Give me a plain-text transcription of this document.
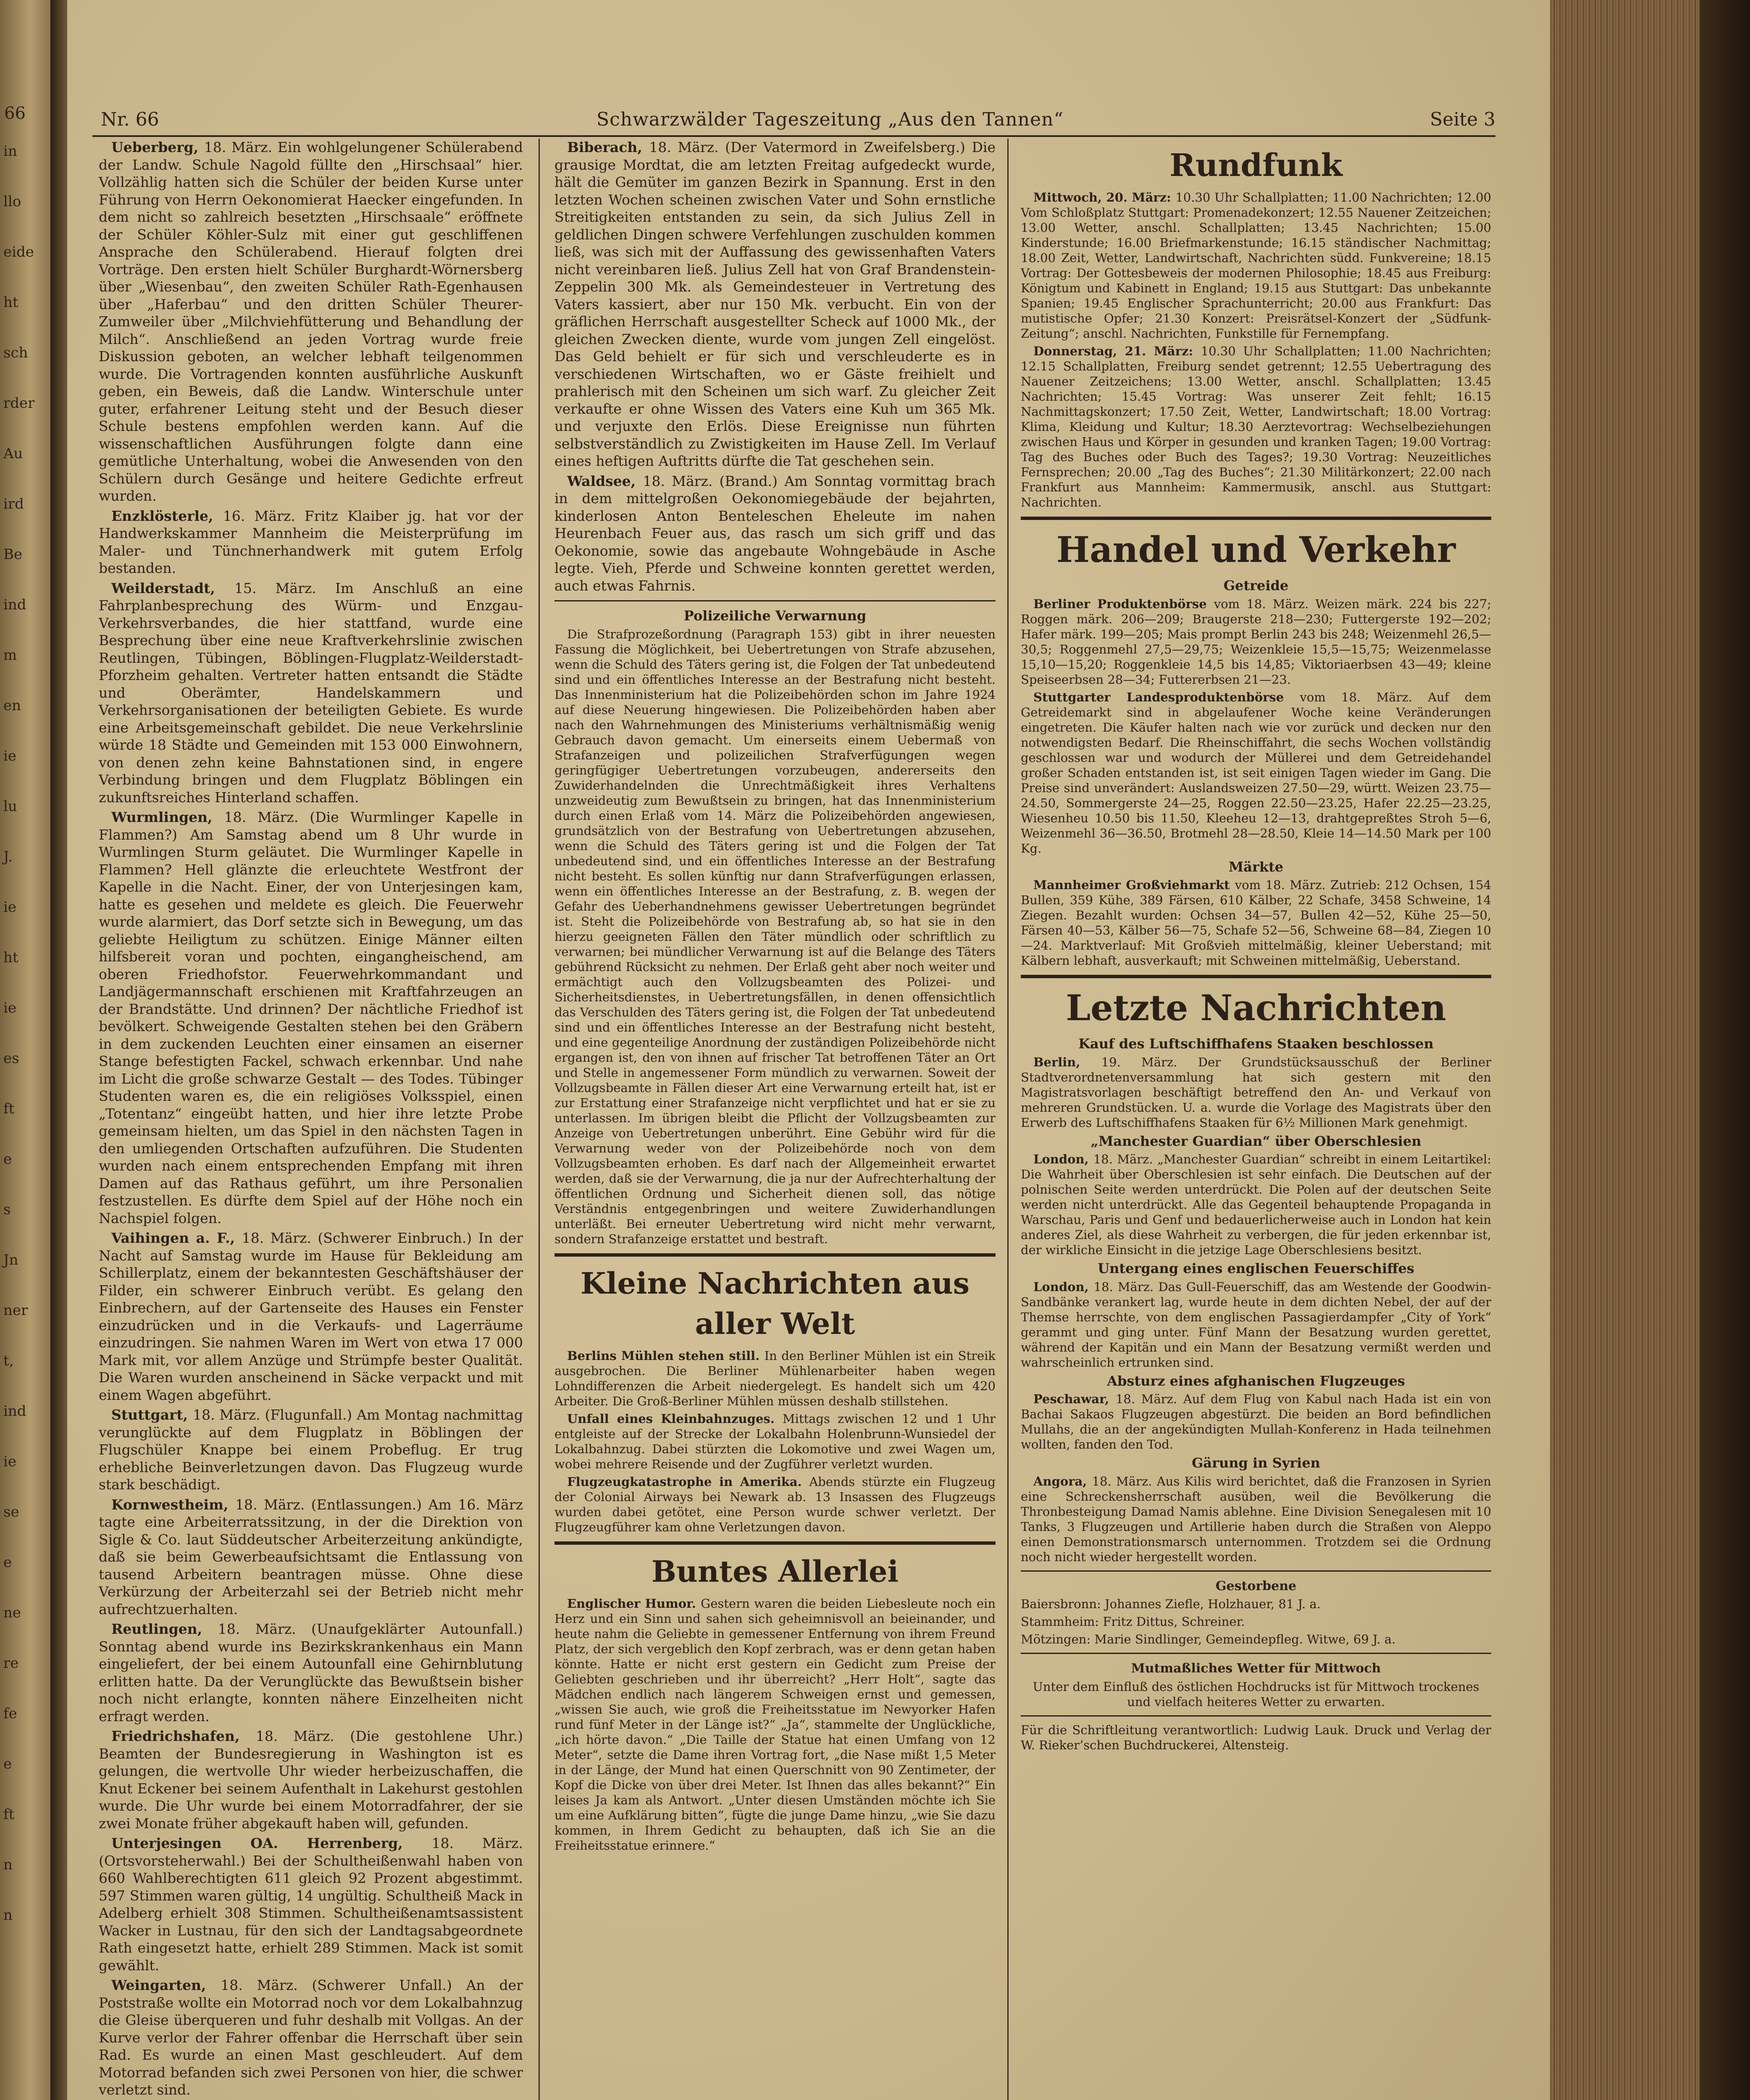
66
in
llo
eide
ht
sch
rder
Au
ird
Be
ind
m
en
ie
lu
J.
ie
ht
ie
es
ft
e
s
Jn
ner
t,
ind
ie
se
e
ne
re
fe
e
ft
n
n
Nr. 66	Schwarzwälder Tageszeitung „Aus den Tannen“	Seite 3

Ueberberg, 18. März. Ein wohlgelungener Schülerabend der Landw. Schule Nagold füllte den „Hirschsaal“ hier. Vollzählig hatten sich die Schüler der beiden Kurse unter Führung von Herrn Oekonomierat Haecker eingefunden. In dem nicht so zahlreich besetzten „Hirschsaale“ eröffnete der Schüler Köhler-Sulz mit einer gut geschliffenen Ansprache den Schülerabend. Hierauf folgten drei Vorträge. Den ersten hielt Schüler Burghardt-Wörnersberg über „Wiesenbau“, den zweiten Schüler Rath-Egenhausen über „Haferbau“ und den dritten Schüler Theurer-Zumweiler über „Milchviehfütterung und Behandlung der Milch“. Anschließend an jeden Vortrag wurde freie Diskussion geboten, an welcher lebhaft teilgenommen wurde. Die Vortragenden konnten ausführliche Auskunft geben, ein Beweis, daß die Landw. Winterschule unter guter, erfahrener Leitung steht und der Besuch dieser Schule bestens empfohlen werden kann. Auf die wissenschaftlichen Ausführungen folgte dann eine gemütliche Unterhaltung, wobei die Anwesenden von den Schülern durch Gesänge und heitere Gedichte erfreut wurden.

Enzklösterle, 16. März. Fritz Klaiber jg. hat vor der Handwerkskammer Mannheim die Meisterprüfung im Maler- und Tünchnerhandwerk mit gutem Erfolg bestanden.

Weilderstadt, 15. März. Im Anschluß an eine Fahrplanbesprechung des Würm- und Enzgau-Verkehrsverbandes, die hier stattfand, wurde eine Besprechung über eine neue Kraftverkehrslinie zwischen Reutlingen, Tübingen, Böblingen-Flugplatz-Weilderstadt-Pforzheim gehalten. Vertreter hatten entsandt die Städte und Oberämter, Handelskammern und Verkehrsorganisationen der beteiligten Gebiete. Es wurde eine Arbeitsgemeinschaft gebildet. Die neue Verkehrslinie würde 18 Städte und Gemeinden mit 153 000 Einwohnern, von denen zehn keine Bahnstationen sind, in engere Verbindung bringen und dem Flugplatz Böblingen ein zukunftsreiches Hinterland schaffen.

Wurmlingen, 18. März. (Die Wurmlinger Kapelle in Flammen?) Am Samstag abend um 8 Uhr wurde in Wurmlingen Sturm geläutet. Die Wurmlinger Kapelle in Flammen? Hell glänzte die erleuchtete Westfront der Kapelle in die Nacht. Einer, der von Unterjesingen kam, hatte es gesehen und meldete es gleich. Die Feuerwehr wurde alarmiert, das Dorf setzte sich in Bewegung, um das geliebte Heiligtum zu schützen. Einige Männer eilten hilfsbereit voran und pochten, eingangheischend, am oberen Friedhofstor. Feuerwehrkommandant und Landjägermannschaft erschienen mit Kraftfahrzeugen an der Brandstätte. Und drinnen? Der nächtliche Friedhof ist bevölkert. Schweigende Gestalten stehen bei den Gräbern in dem zuckenden Leuchten einer einsamen an eiserner Stange befestigten Fackel, schwach erkennbar. Und nahe im Licht die große schwarze Gestalt — des Todes. Tübinger Studenten waren es, die ein religiöses Volksspiel, einen „Totentanz“ eingeübt hatten, und hier ihre letzte Probe gemeinsam hielten, um das Spiel in den nächsten Tagen in den umliegenden Ortschaften aufzuführen. Die Studenten wurden nach einem entsprechenden Empfang mit ihren Damen auf das Rathaus geführt, um ihre Personalien festzustellen. Es dürfte dem Spiel auf der Höhe noch ein Nachspiel folgen.

Vaihingen a. F., 18. März. (Schwerer Einbruch.) In der Nacht auf Samstag wurde im Hause für Bekleidung am Schillerplatz, einem der bekanntesten Geschäftshäuser der Filder, ein schwerer Einbruch verübt. Es gelang den Einbrechern, auf der Gartenseite des Hauses ein Fenster einzudrücken und in die Verkaufs- und Lagerräume einzudringen. Sie nahmen Waren im Wert von etwa 17 000 Mark mit, vor allem Anzüge und Strümpfe bester Qualität. Die Waren wurden anscheinend in Säcke verpackt und mit einem Wagen abgeführt.

Stuttgart, 18. März. (Flugunfall.) Am Montag nachmittag verunglückte auf dem Flugplatz in Böblingen der Flugschüler Knappe bei einem Probeflug. Er trug erhebliche Beinverletzungen davon. Das Flugzeug wurde stark beschädigt.

Kornwestheim, 18. März. (Entlassungen.) Am 16. März tagte eine Arbeiterratssitzung, in der die Direktion von Sigle & Co. laut Süddeutscher Arbeiterzeitung ankündigte, daß sie beim Gewerbeaufsichtsamt die Entlassung von tausend Arbeitern beantragen müsse. Ohne diese Verkürzung der Arbeiterzahl sei der Betrieb nicht mehr aufrechtzuerhalten.

Reutlingen, 18. März. (Unaufgeklärter Autounfall.) Sonntag abend wurde ins Bezirkskrankenhaus ein Mann eingeliefert, der bei einem Autounfall eine Gehirnblutung erlitten hatte. Da der Verunglückte das Bewußtsein bisher noch nicht erlangte, konnten nähere Einzelheiten nicht erfragt werden.

Friedrichshafen, 18. März. (Die gestohlene Uhr.) Beamten der Bundesregierung in Washington ist es gelungen, die wertvolle Uhr wieder herbeizuschaffen, die Knut Eckener bei seinem Aufenthalt in Lakehurst gestohlen wurde. Die Uhr wurde bei einem Motorradfahrer, der sie zwei Monate früher abgekauft haben will, gefunden.

Unterjesingen OA. Herrenberg, 18. März. (Ortsvorsteherwahl.) Bei der Schultheißenwahl haben von 660 Wahlberechtigten 611 gleich 92 Prozent abgestimmt. 597 Stimmen waren gültig, 14 ungültig. Schultheiß Mack in Adelberg erhielt 308 Stimmen. Schultheißenamtsassistent Wacker in Lustnau, für den sich der Landtagsabgeordnete Rath eingesetzt hatte, erhielt 289 Stimmen. Mack ist somit gewählt.

Weingarten, 18. März. (Schwerer Unfall.) An der Poststraße wollte ein Motorrad noch vor dem Lokalbahnzug die Gleise überqueren und fuhr deshalb mit Vollgas. An der Kurve verlor der Fahrer offenbar die Herrschaft über sein Rad. Es wurde an einen Mast geschleudert. Auf dem Motorrad befanden sich zwei Personen von hier, die schwer verletzt sind.

Biberach, 18. März. (Der Vatermord in Zweifelsberg.) Die grausige Mordtat, die am letzten Freitag aufgedeckt wurde, hält die Gemüter im ganzen Bezirk in Spannung. Erst in den letzten Wochen scheinen zwischen Vater und Sohn ernstliche Streitigkeiten entstanden zu sein, da sich Julius Zell in geldlichen Dingen schwere Verfehlungen zuschulden kommen ließ, was sich mit der Auffassung des gewissenhaften Vaters nicht vereinbaren ließ. Julius Zell hat von Graf Brandenstein-Zeppelin 300 Mk. als Gemeindesteuer in Vertretung des Vaters kassiert, aber nur 150 Mk. verbucht. Ein von der gräflichen Herrschaft ausgestellter Scheck auf 1000 Mk., der gleichen Zwecken diente, wurde vom jungen Zell eingelöst. Das Geld behielt er für sich und verschleuderte es in verschiedenen Wirtschaften, wo er Gäste freihielt und prahlerisch mit den Scheinen um sich warf. Zu gleicher Zeit verkaufte er ohne Wissen des Vaters eine Kuh um 365 Mk. und verjuxte den Erlös. Diese Ereignisse nun führten selbstverständlich zu Zwistigkeiten im Hause Zell. Im Verlauf eines heftigen Auftritts dürfte die Tat geschehen sein.

Waldsee, 18. März. (Brand.) Am Sonntag vormittag brach in dem mittelgroßen Oekonomiegebäude der bejahrten, kinderlosen Anton Benteleschen Eheleute im nahen Heurenbach Feuer aus, das rasch um sich griff und das Oekonomie, sowie das angebaute Wohngebäude in Asche legte. Vieh, Pferde und Schweine konnten gerettet werden, auch etwas Fahrnis.

Polizeiliche Verwarnung

Die Strafprozeßordnung (Paragraph 153) gibt in ihrer neuesten Fassung die Möglichkeit, bei Uebertretungen von Strafe abzusehen, wenn die Schuld des Täters gering ist, die Folgen der Tat unbedeutend sind und ein öffentliches Interesse an der Bestrafung nicht besteht. Das Innenministerium hat die Polizeibehörden schon im Jahre 1924 auf diese Neuerung hingewiesen. Die Polizeibehörden haben aber nach den Wahrnehmungen des Ministeriums verhältnismäßig wenig Gebrauch davon gemacht. Um einerseits einem Uebermaß von Strafanzeigen und polizeilichen Strafverfügungen wegen geringfügiger Uebertretungen vorzubeugen, andererseits den Zuwiderhandelnden die Unrechtmäßigkeit ihres Verhaltens unzweideutig zum Bewußtsein zu bringen, hat das Innenministerium durch einen Erlaß vom 14. März die Polizeibehörden angewiesen, grundsätzlich von der Bestrafung von Uebertretungen abzusehen, wenn die Schuld des Täters gering ist und die Folgen der Tat unbedeutend sind, und ein öffentliches Interesse an der Bestrafung nicht besteht. Es sollen künftig nur dann Strafverfügungen erlassen, wenn ein öffentliches Interesse an der Bestrafung, z. B. wegen der Gefahr des Ueberhandnehmens gewisser Uebertretungen begründet ist. Steht die Polizeibehörde von Bestrafung ab, so hat sie in den hierzu geeigneten Fällen den Täter mündlich oder schriftlich zu verwarnen; bei mündlicher Verwarnung ist auf die Belange des Täters gebührend Rücksicht zu nehmen. Der Erlaß geht aber noch weiter und ermächtigt auch den Vollzugsbeamten des Polizei- und Sicherheitsdienstes, in Uebertretungsfällen, in denen offensichtlich das Verschulden des Täters gering ist, die Folgen der Tat unbedeutend sind und ein öffentliches Interesse an der Bestrafung nicht besteht, und eine gegenteilige Anordnung der zuständigen Polizeibehörde nicht ergangen ist, den von ihnen auf frischer Tat betroffenen Täter an Ort und Stelle in angemessener Form mündlich zu verwarnen. Soweit der Vollzugsbeamte in Fällen dieser Art eine Verwarnung erteilt hat, ist er zur Erstattung einer Strafanzeige nicht verpflichtet und hat er sie zu unterlassen. Im übrigen bleibt die Pflicht der Vollzugsbeamten zur Anzeige von Uebertretungen unberührt. Eine Gebühr wird für die Verwarnung weder von der Polizeibehörde noch von dem Vollzugsbeamten erhoben. Es darf nach der Allgemeinheit erwartet werden, daß sie der Verwarnung, die ja nur der Aufrechterhaltung der öffentlichen Ordnung und Sicherheit dienen soll, das nötige Verständnis entgegenbringen und weitere Zuwiderhandlungen unterläßt. Bei erneuter Uebertretung wird nicht mehr verwarnt, sondern Strafanzeige erstattet und bestraft.

Kleine Nachrichten aus aller Welt

Berlins Mühlen stehen still. In den Berliner Mühlen ist ein Streik ausgebrochen. Die Berliner Mühlenarbeiter haben wegen Lohndifferenzen die Arbeit niedergelegt. Es handelt sich um 420 Arbeiter. Die Groß-Berliner Mühlen müssen deshalb stillstehen.

Unfall eines Kleinbahnzuges. Mittags zwischen 12 und 1 Uhr entgleiste auf der Strecke der Lokalbahn Holenbrunn-Wunsiedel der Lokalbahnzug. Dabei stürzten die Lokomotive und zwei Wagen um, wobei mehrere Reisende und der Zugführer verletzt wurden.

Flugzeugkatastrophe in Amerika. Abends stürzte ein Flugzeug der Colonial Airways bei Newark ab. 13 Insassen des Flugzeugs wurden dabei getötet, eine Person wurde schwer verletzt. Der Flugzeugführer kam ohne Verletzungen davon.

Buntes Allerlei

Englischer Humor. Gestern waren die beiden Liebesleute noch ein Herz und ein Sinn und sahen sich geheimnisvoll an beieinander, und heute nahm die Geliebte in gemessener Entfernung von ihrem Freund Platz, der sich vergeblich den Kopf zerbrach, was er denn getan haben könnte. Hatte er nicht erst gestern ein Gedicht zum Preise der Geliebten geschrieben und ihr überreicht? „Herr Holt“, sagte das Mädchen endlich nach längerem Schweigen ernst und gemessen, „wissen Sie auch, wie groß die Freiheitsstatue im Newyorker Hafen rund fünf Meter in der Länge ist?“ „Ja“, stammelte der Unglückliche, „ich hörte davon.“ „Die Taille der Statue hat einen Umfang von 12 Meter“, setzte die Dame ihren Vortrag fort, „die Nase mißt 1,5 Meter in der Länge, der Mund hat einen Querschnitt von 90 Zentimeter, der Kopf die Dicke von über drei Meter. Ist Ihnen das alles bekannt?“ Ein leises Ja kam als Antwort. „Unter diesen Umständen möchte ich Sie um eine Aufklärung bitten“, fügte die junge Dame hinzu, „wie Sie dazu kommen, in Ihrem Gedicht zu behaupten, daß ich Sie an die Freiheitsstatue erinnere.“

Rundfunk

Mittwoch, 20. März: 10.30 Uhr Schallplatten; 11.00 Nachrichten; 12.00 Vom Schloßplatz Stuttgart: Promenadekonzert; 12.55 Nauener Zeitzeichen; 13.00 Wetter, anschl. Schallplatten; 13.45 Nachrichten; 15.00 Kinderstunde; 16.00 Briefmarkenstunde; 16.15 ständischer Nachmittag; 18.00 Zeit, Wetter, Landwirtschaft, Nachrichten südd. Funkvereine; 18.15 Vortrag: Der Gottesbeweis der modernen Philosophie; 18.45 aus Freiburg: Königtum und Kabinett in England; 19.15 aus Stuttgart: Das unbekannte Spanien; 19.45 Englischer Sprachunterricht; 20.00 aus Frankfurt: Das mutistische Opfer; 21.30 Konzert: Preisrätsel-Konzert der „Südfunk-Zeitung“; anschl. Nachrichten, Funkstille für Fernempfang.

Donnerstag, 21. März: 10.30 Uhr Schallplatten; 11.00 Nachrichten; 12.15 Schallplatten, Freiburg sendet getrennt; 12.55 Uebertragung des Nauener Zeitzeichens; 13.00 Wetter, anschl. Schallplatten; 13.45 Nachrichten; 15.45 Vortrag: Was unserer Zeit fehlt; 16.15 Nachmittagskonzert; 17.50 Zeit, Wetter, Landwirtschaft; 18.00 Vortrag: Klima, Kleidung und Kultur; 18.30 Aerztevortrag: Wechselbeziehungen zwischen Haus und Körper in gesunden und kranken Tagen; 19.00 Vortrag: Tag des Buches oder Buch des Tages?; 19.30 Vortrag: Neuzeitliches Fernsprechen; 20.00 „Tag des Buches“; 21.30 Militärkonzert; 22.00 nach Frankfurt aus Mannheim: Kammermusik, anschl. aus Stuttgart: Nachrichten.

Handel und Verkehr

Getreide

Berliner Produktenbörse vom 18. März. Weizen märk. 224 bis 227; Roggen märk. 206—209; Braugerste 218—230; Futtergerste 192—202; Hafer märk. 199—205; Mais prompt Berlin 243 bis 248; Weizenmehl 26,5—30,5; Roggenmehl 27,5—29,75; Weizenkleie 15,5—15,75; Weizenmelasse 15,10—15,20; Roggenkleie 14,5 bis 14,85; Viktoriaerbsen 43—49; kleine Speiseerbsen 28—34; Futtererbsen 21—23.

Stuttgarter Landesproduktenbörse vom 18. März. Auf dem Getreidemarkt sind in abgelaufener Woche keine Veränderungen eingetreten. Die Käufer halten nach wie vor zurück und decken nur den notwendigsten Bedarf. Die Rheinschiffahrt, die sechs Wochen vollständig geschlossen war und wodurch der Müllerei und dem Getreidehandel großer Schaden entstanden ist, ist seit einigen Tagen wieder im Gang. Die Preise sind unverändert: Auslandsweizen 27.50—29, württ. Weizen 23.75—24.50, Sommergerste 24—25, Roggen 22.50—23.25, Hafer 22.25—23.25, Wiesenheu 10.50 bis 11.50, Kleeheu 12—13, drahtgepreßtes Stroh 5—6, Weizenmehl 36—36.50, Brotmehl 28—28.50, Kleie 14—14.50 Mark per 100 Kg.

Märkte

Mannheimer Großviehmarkt vom 18. März. Zutrieb: 212 Ochsen, 154 Bullen, 359 Kühe, 389 Färsen, 610 Kälber, 22 Schafe, 3458 Schweine, 14 Ziegen. Bezahlt wurden: Ochsen 34—57, Bullen 42—52, Kühe 25—50, Färsen 40—53, Kälber 56—75, Schafe 52—56, Schweine 68—84, Ziegen 10—24. Marktverlauf: Mit Großvieh mittelmäßig, kleiner Ueberstand; mit Kälbern lebhaft, ausverkauft; mit Schweinen mittelmäßig, Ueberstand.

Letzte Nachrichten

Kauf des Luftschiffhafens Staaken beschlossen

Berlin, 19. März. Der Grundstücksausschuß der Berliner Stadtverordnetenversammlung hat sich gestern mit den Magistratsvorlagen beschäftigt betreffend den An- und Verkauf von mehreren Grundstücken. U. a. wurde die Vorlage des Magistrats über den Erwerb des Luftschiffhafens Staaken für 6½ Millionen Mark genehmigt.

„Manchester Guardian“ über Oberschlesien

London, 18. März. „Manchester Guardian“ schreibt in einem Leitartikel: Die Wahrheit über Oberschlesien ist sehr einfach. Die Deutschen auf der polnischen Seite werden unterdrückt. Die Polen auf der deutschen Seite werden nicht unterdrückt. Alle das Gegenteil behauptende Propaganda in Warschau, Paris und Genf und bedauerlicherweise auch in London hat kein anderes Ziel, als diese Wahrheit zu verbergen, die für jeden erkennbar ist, der wirkliche Einsicht in die jetzige Lage Oberschlesiens besitzt.

Untergang eines englischen Feuerschiffes

London, 18. März. Das Gull-Feuerschiff, das am Westende der Goodwin-Sandbänke verankert lag, wurde heute in dem dichten Nebel, der auf der Themse herrschte, von dem englischen Passagierdampfer „City of York“ gerammt und ging unter. Fünf Mann der Besatzung wurden gerettet, während der Kapitän und ein Mann der Besatzung vermißt werden und wahrscheinlich ertrunken sind.

Absturz eines afghanischen Flugzeuges

Peschawar, 18. März. Auf dem Flug von Kabul nach Hada ist ein von Bachai Sakaos Flugzeugen abgestürzt. Die beiden an Bord befindlichen Mullahs, die an der angekündigten Mullah-Konferenz in Hada teilnehmen wollten, fanden den Tod.

Gärung in Syrien

Angora, 18. März. Aus Kilis wird berichtet, daß die Franzosen in Syrien eine Schreckensherrschaft ausüben, weil die Bevölkerung die Thronbesteigung Damad Namis ablehne. Eine Division Senegalesen mit 10 Tanks, 3 Flugzeugen und Artillerie haben durch die Straßen von Aleppo einen Demonstrationsmarsch unternommen. Trotzdem sei die Ordnung noch nicht wieder hergestellt worden.

Gestorbene

Baiersbronn: Johannes Ziefle, Holzhauer, 81 J. a.

Stammheim: Fritz Dittus, Schreiner.

Mötzingen: Marie Sindlinger, Gemeindepfleg. Witwe, 69 J. a.

Mutmaßliches Wetter für Mittwoch

Unter dem Einfluß des östlichen Hochdrucks ist für Mittwoch trockenes und vielfach heiteres Wetter zu erwarten.

Für die Schriftleitung verantwortlich: Ludwig Lauk. Druck und Verlag der W. Rieker’schen Buchdruckerei, Altensteig.
